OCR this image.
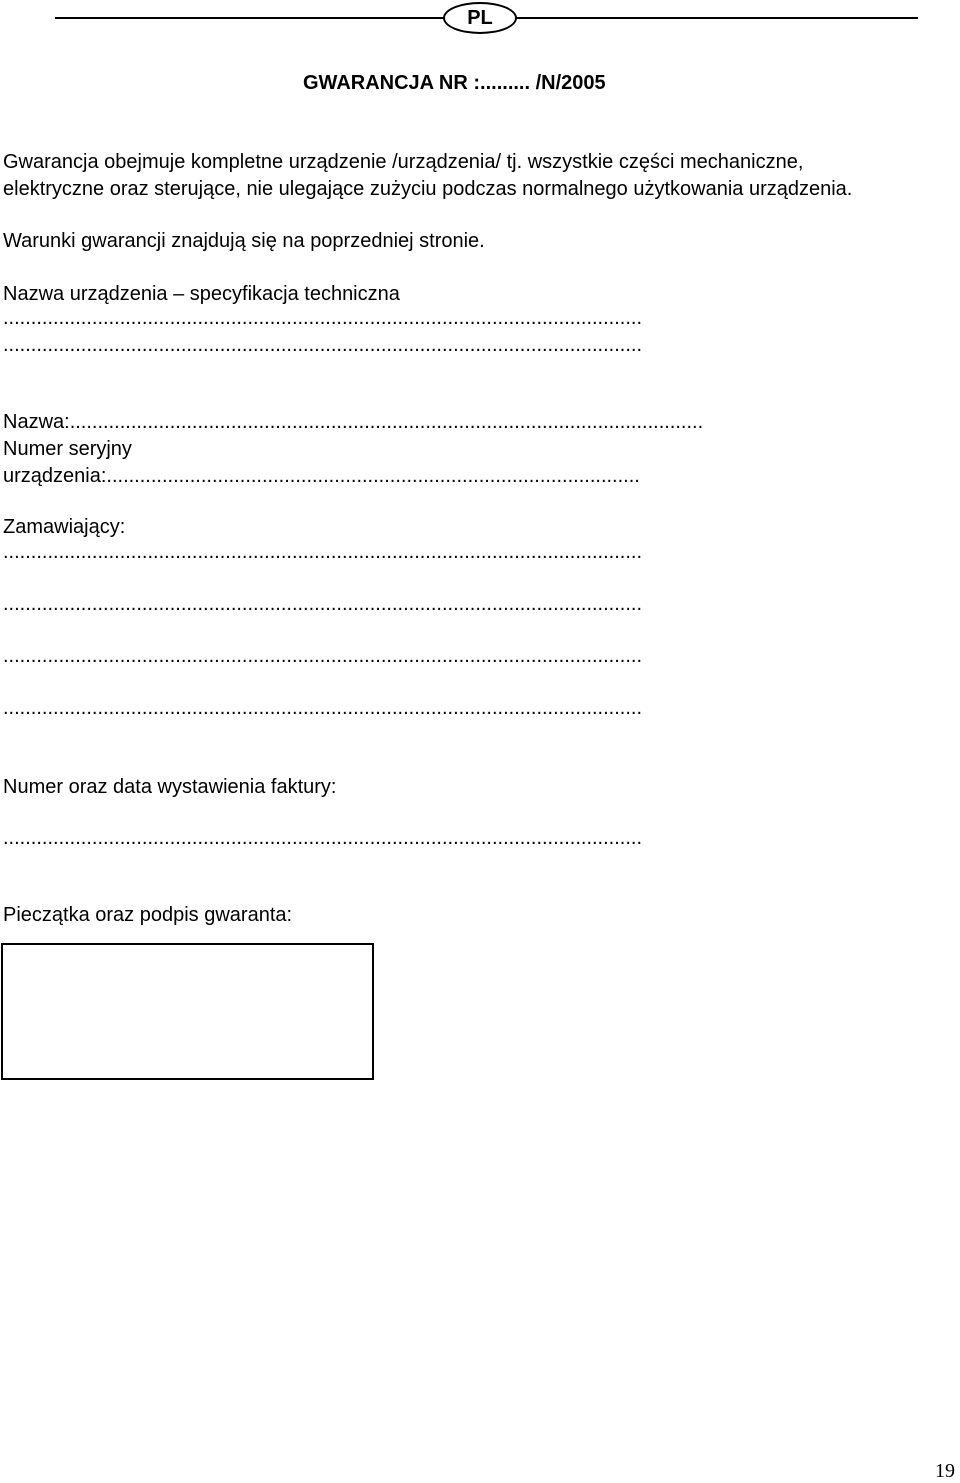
PL
GWARANCJA NR :......... /N/2005
Gwarancja obejmuje kompletne urządzenie /urządzenia/ tj. wszystkie części mechaniczne,
elektryczne oraz sterujące, nie ulegające zużyciu podczas normalnego użytkowania urządzenia.
Warunki gwarancji znajdują się na poprzedniej stronie.
Nazwa urządzenia – specyfikacja techniczna
...................................................................................................................
...................................................................................................................
Nazwa:..................................................................................................................
Numer seryjny
urządzenia:................................................................................................
Zamawiający:
...................................................................................................................
...................................................................................................................
...................................................................................................................
...................................................................................................................
Numer oraz data wystawienia faktury:
...................................................................................................................
Pieczątka oraz podpis gwaranta:
19
